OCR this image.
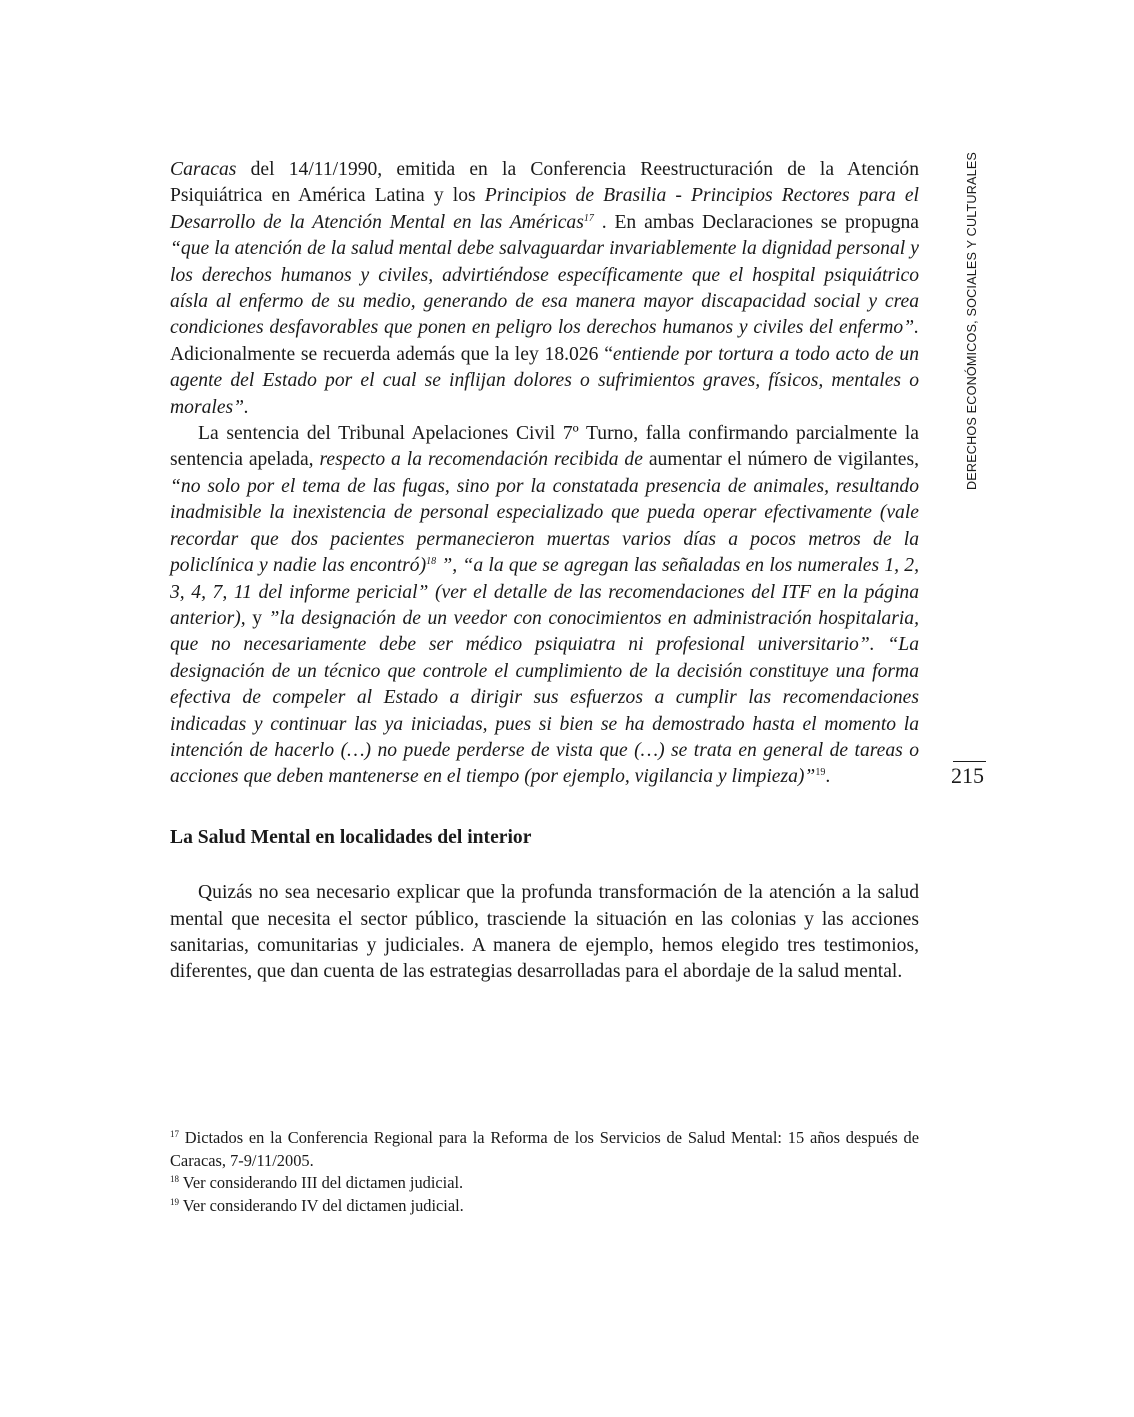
DERECHOS ECONÓMICOS, SOCIALES Y CULTURALES
215

Caracas del 14/11/1990, emitida en la Conferencia Reestructuración de la Atención Psiquiátrica en América Latina y los Principios de Brasilia - Principios Rectores para el Desarrollo de la Atención Mental en las Américas$^{17}$ . En ambas Declaraciones se propugna “que la atención de la salud mental debe salvaguardar invariablemente la dignidad personal y los derechos humanos y civiles, advirtiéndose específicamente que el hospital psiquiátrico aísla al enfermo de su medio, generando de esa manera mayor discapacidad social y crea condiciones desfavorables que ponen en peligro los derechos humanos y civiles del enfermo”. Adicionalmente se recuerda además que la ley 18.026 “entiende por tortura a todo acto de un agente del Estado por el cual se inflijan dolores o sufrimientos graves, físicos, mentales o morales”.

La sentencia del Tribunal Apelaciones Civil 7º Turno, falla confirmando parcialmente la sentencia apelada, respecto a la recomendación recibida de aumentar el número de vigilantes, “no solo por el tema de las fugas, sino por la constatada presencia de animales, resultando inadmisible la inexistencia de personal especializado que pueda operar efectivamente (vale recordar que dos pacientes permanecieron muertas varios días a pocos metros de la policlínica y nadie las encontró)$^{18}$ ”, “a la que se agregan las señaladas en los numerales 1, 2, 3, 4, 7, 11 del informe pericial” (ver el detalle de las recomendaciones del ITF en la página anterior), y ”la designación de un veedor con conocimientos en administración hospitalaria, que no necesariamente debe ser médico psiquiatra ni profesional universitario”. “La designación de un técnico que controle el cumplimiento de la decisión constituye una forma efectiva de compeler al Estado a dirigir sus esfuerzos a cumplir las recomendaciones indicadas y continuar las ya iniciadas, pues si bien se ha demostrado hasta el momento la intención de hacerlo (…) no puede perderse de vista que (…) se trata en general de tareas o acciones que deben mantenerse en el tiempo (por ejemplo, vigilancia y limpieza)”$^{19}$.

La Salud Mental en localidades del interior

Quizás no sea necesario explicar que la profunda transformación de la atención a la salud mental que necesita el sector público, trasciende la situación en las colonias y las acciones sanitarias, comunitarias y judiciales. A manera de ejemplo, hemos elegido tres testimonios, diferentes, que dan cuenta de las estrategias desarrolladas para el abordaje de la salud mental.

$^{17}$ Dictados en la Conferencia Regional para la Reforma de los Servicios de Salud Mental: 15 años después de Caracas, 7-9/11/2005.

$^{18}$ Ver considerando III del dictamen judicial.

$^{19}$ Ver considerando IV del dictamen judicial.
